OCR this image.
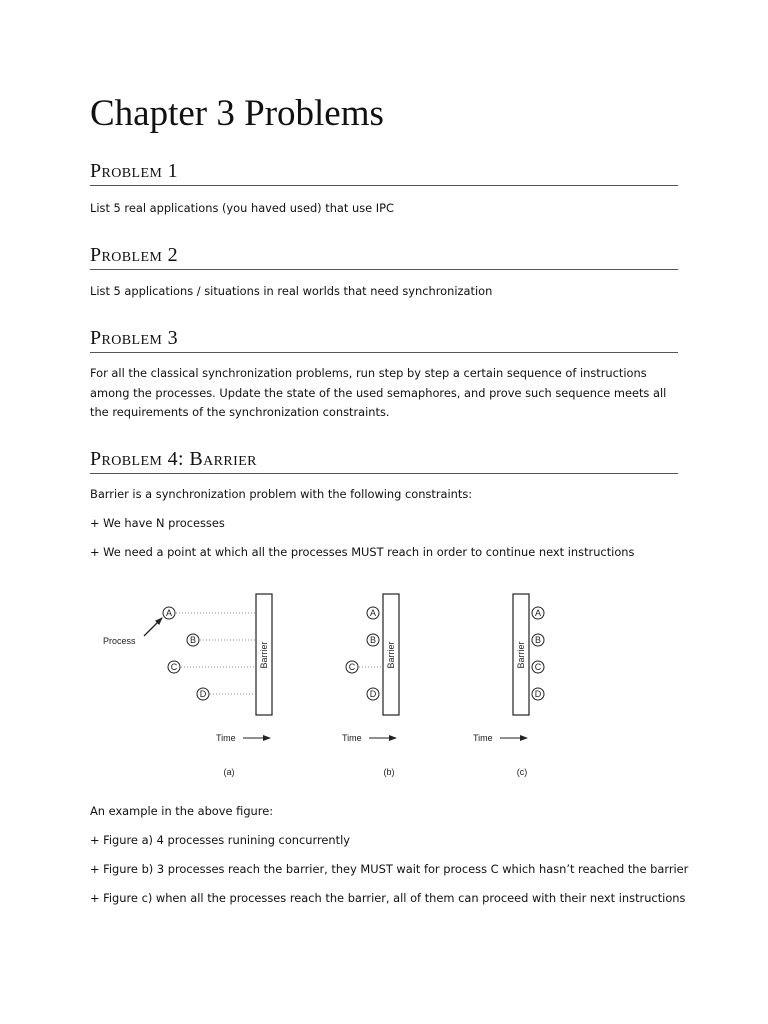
Chapter 3 Problems
Problem 1

List 5 real applications (you haved used) that use IPC

Problem 2

List 5 applications / situations in real worlds that need synchronization

Problem 3

For all the classical synchronization problems, run step by step a certain sequence of instructions among the processes. Update the state of the used semaphores, and prove such sequence meets all the requirements of the synchronization constraints.

Problem 4: Barrier

Barrier is a synchronization problem with the following constraints:

+ We have N processes

+ We need a point at which all the processes MUST reach in order to continue next instructions

Barrier
A
B
C
D
Process
Time
(a)
Barrier
A
B
C
D
Time
(b)
Barrier
A
B
C
D
Time
(c)

An example in the above figure:

+ Figure a) 4 processes runining concurrently

+ Figure b) 3 processes reach the barrier, they MUST wait for process C which hasn’t reached the barrier

+ Figure c) when all the processes reach the barrier, all of them can proceed with their next instructions
